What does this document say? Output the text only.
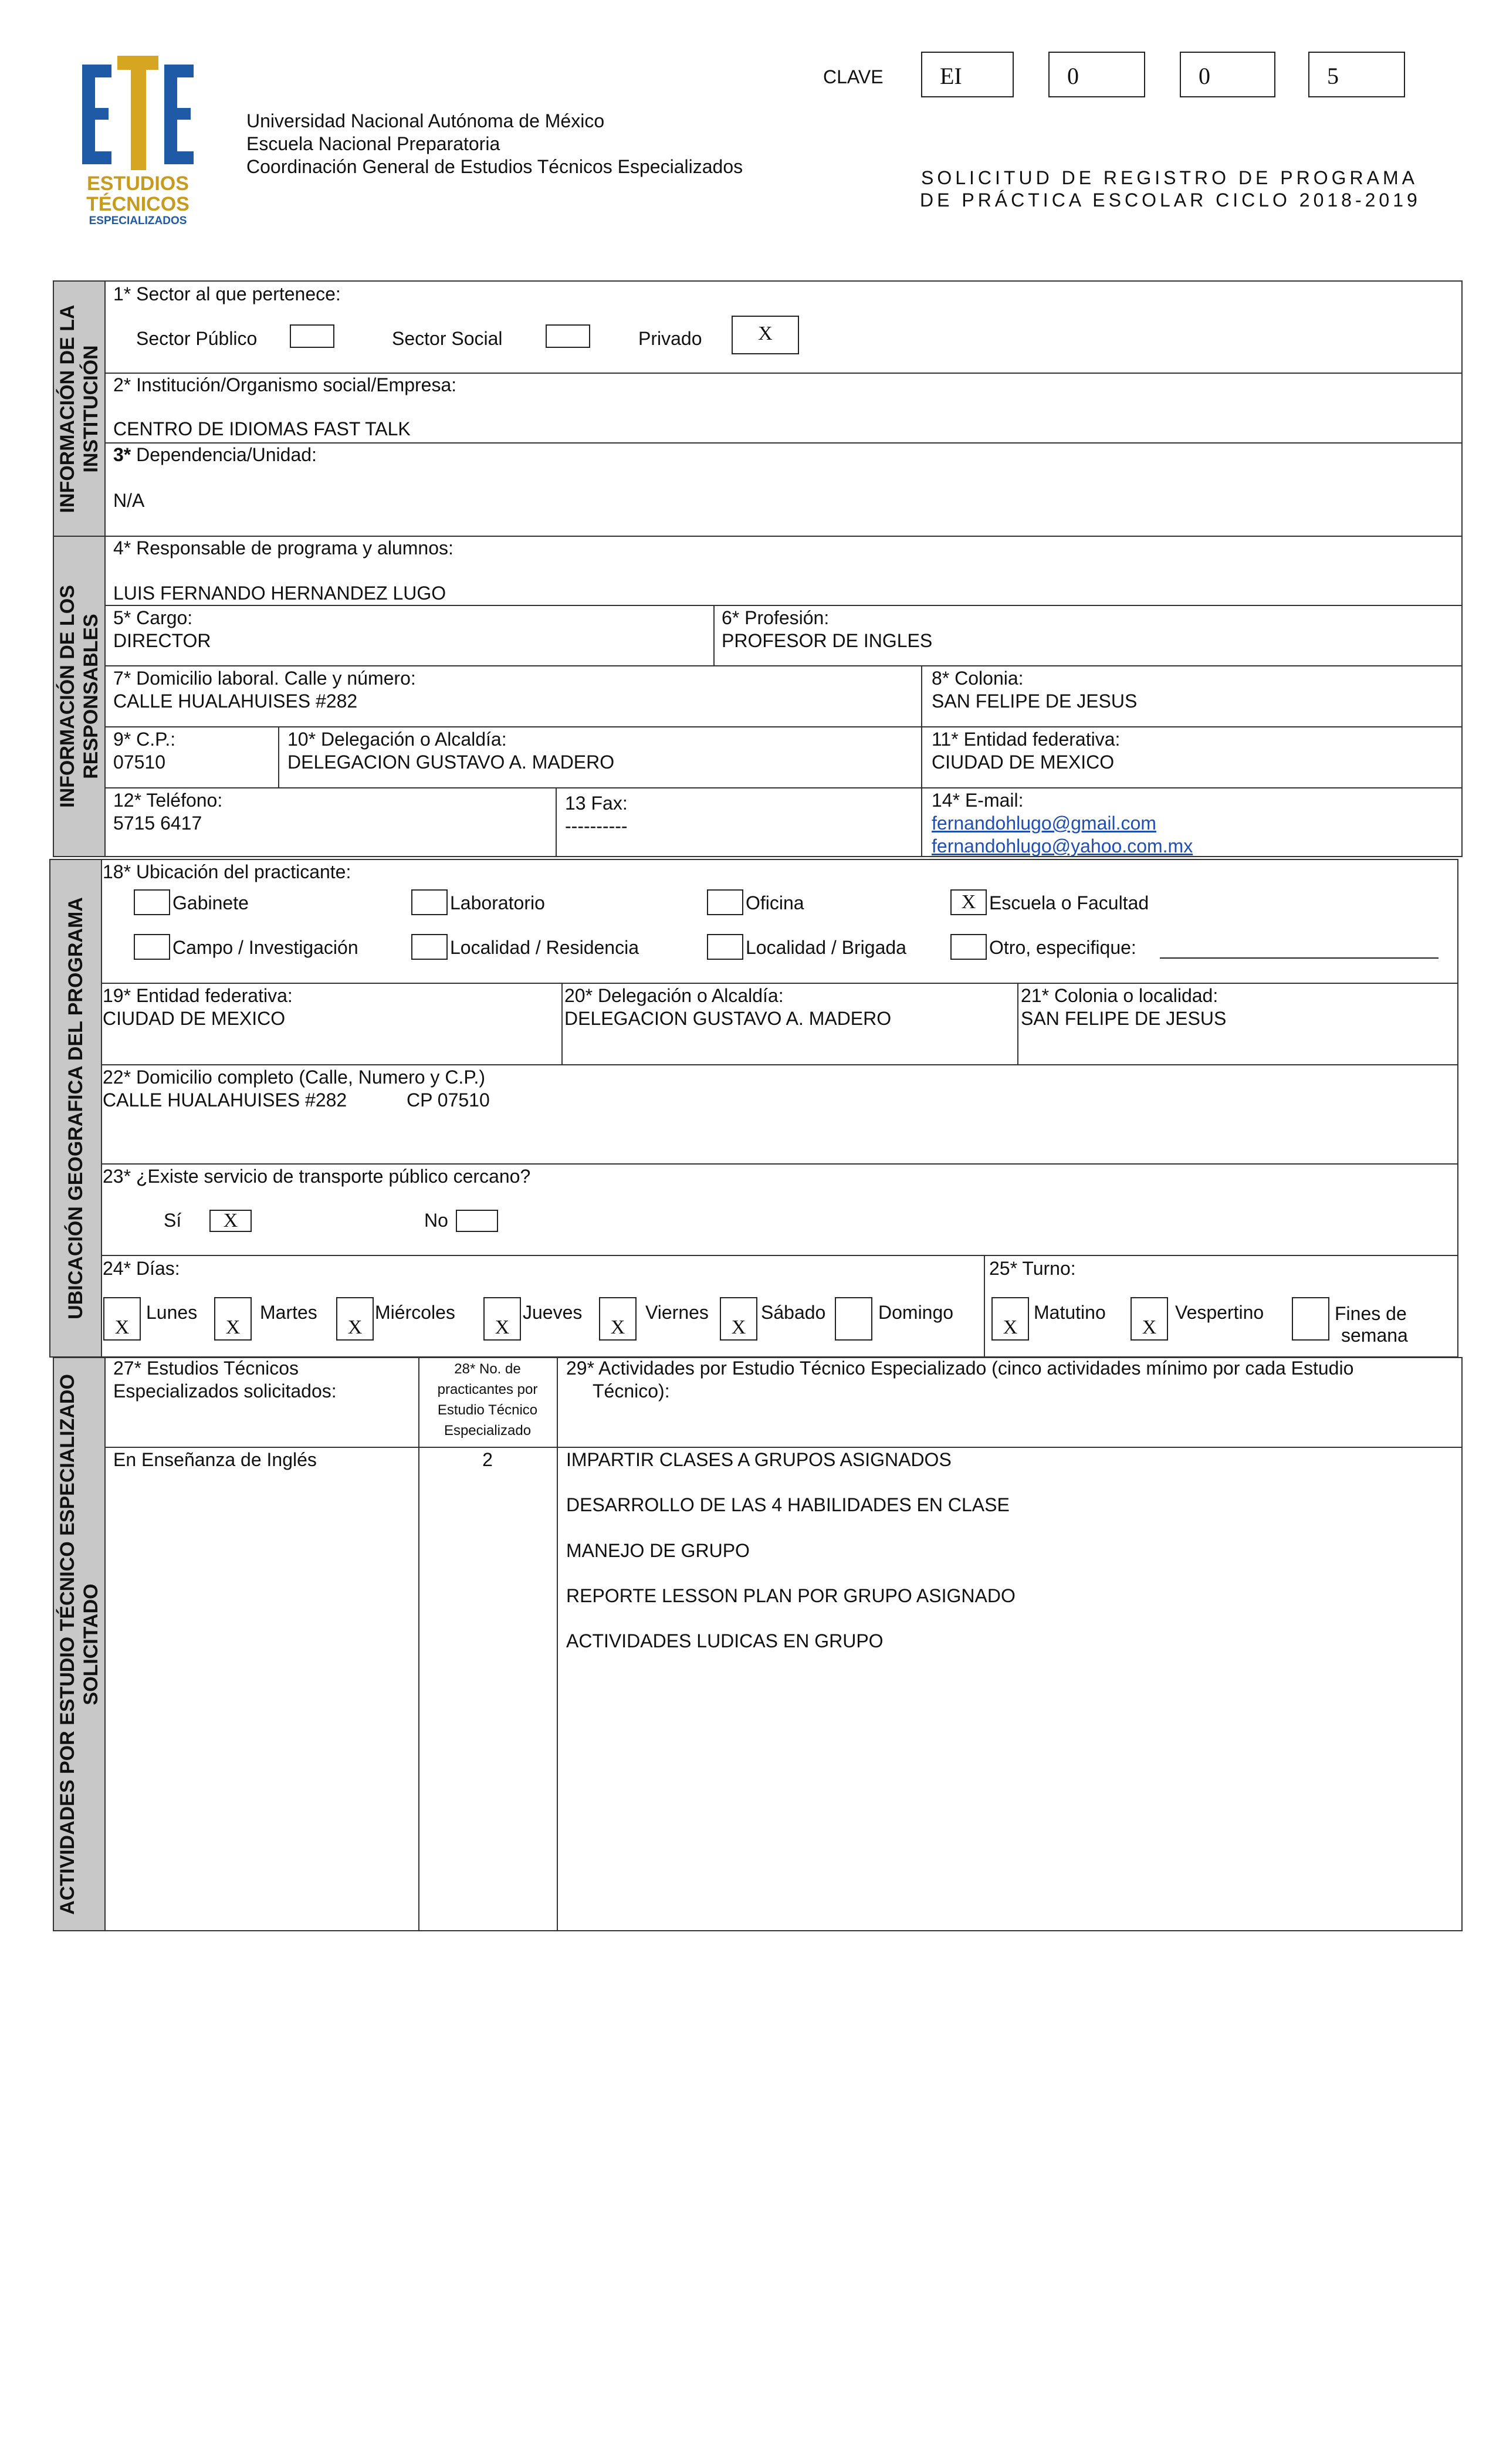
ESTUDIOS
TÉCNICOS
ESPECIALIZADOS
Universidad Nacional Autónoma de México
Escuela Nacional Preparatoria
Coordinación General de Estudios Técnicos Especializados
CLAVE	EI	0	0	5
SOLICITUD DE REGISTRO DE PROGRAMA
DE PRÁCTICA ESCOLAR CICLO 2018-2019
INFORMACIÓN DE LA INSTITUCIÓN
1* Sector al que pertenece:
Sector Público	Sector Social	Privado	X
2* Institución/Organismo social/Empresa:
CENTRO DE IDIOMAS FAST TALK
3* Dependencia/Unidad:
N/A
INFORMACIÓN DE LOS RESPONSABLES
4* Responsable de programa y alumnos:
LUIS FERNANDO HERNANDEZ LUGO
5* Cargo:
DIRECTOR
6* Profesión:
PROFESOR DE INGLES
7* Domicilio laboral. Calle y número:
CALLE HUALAHUISES #282
8* Colonia:
SAN FELIPE DE JESUS
9* C.P.:
07510
10* Delegación o Alcaldía:
DELEGACION GUSTAVO A. MADERO
11* Entidad federativa:
CIUDAD DE MEXICO
12* Teléfono:
5715 6417
13 Fax:
----------
14* E-mail:
fernandohlugo@gmail.com
fernandohlugo@yahoo.com.mx
UBICACIÓN GEOGRAFICA DEL PROGRAMA
18* Ubicación del practicante:
Gabinete	Laboratorio	Oficina	X Escuela o Facultad
Campo / Investigación	Localidad / Residencia	Localidad / Brigada	Otro, especifique:
19* Entidad federativa:
CIUDAD DE MEXICO
20* Delegación o Alcaldía:
DELEGACION GUSTAVO A. MADERO
21* Colonia o localidad:
SAN FELIPE DE JESUS
22* Domicilio completo (Calle, Numero y C.P.)
CALLE HUALAHUISES #282	CP 07510
23* ¿Existe servicio de transporte público cercano?
Sí	X	No
24* Días:
X
Lunes
X
Martes
X
Miércoles
X
Jueves
X
Viernes
X
Sábado	Domingo
25* Turno:
X
Matutino
X
Vespertino	Fines de
semana
ACTIVIDADES POR ESTUDIO TÉCNICO ESPECIALIZADO SOLICITADO
27* Estudios Técnicos
Especializados solicitados:
28* No. de
practicantes por
Estudio Técnico
Especializado
29* Actividades por Estudio Técnico Especializado (cinco actividades mínimo por cada Estudio
Técnico):
En Enseñanza de Inglés	2	IMPARTIR CLASES A GRUPOS ASIGNADOS
DESARROLLO DE LAS 4 HABILIDADES EN CLASE
MANEJO DE GRUPO
REPORTE LESSON PLAN POR GRUPO ASIGNADO
ACTIVIDADES LUDICAS EN GRUPO
